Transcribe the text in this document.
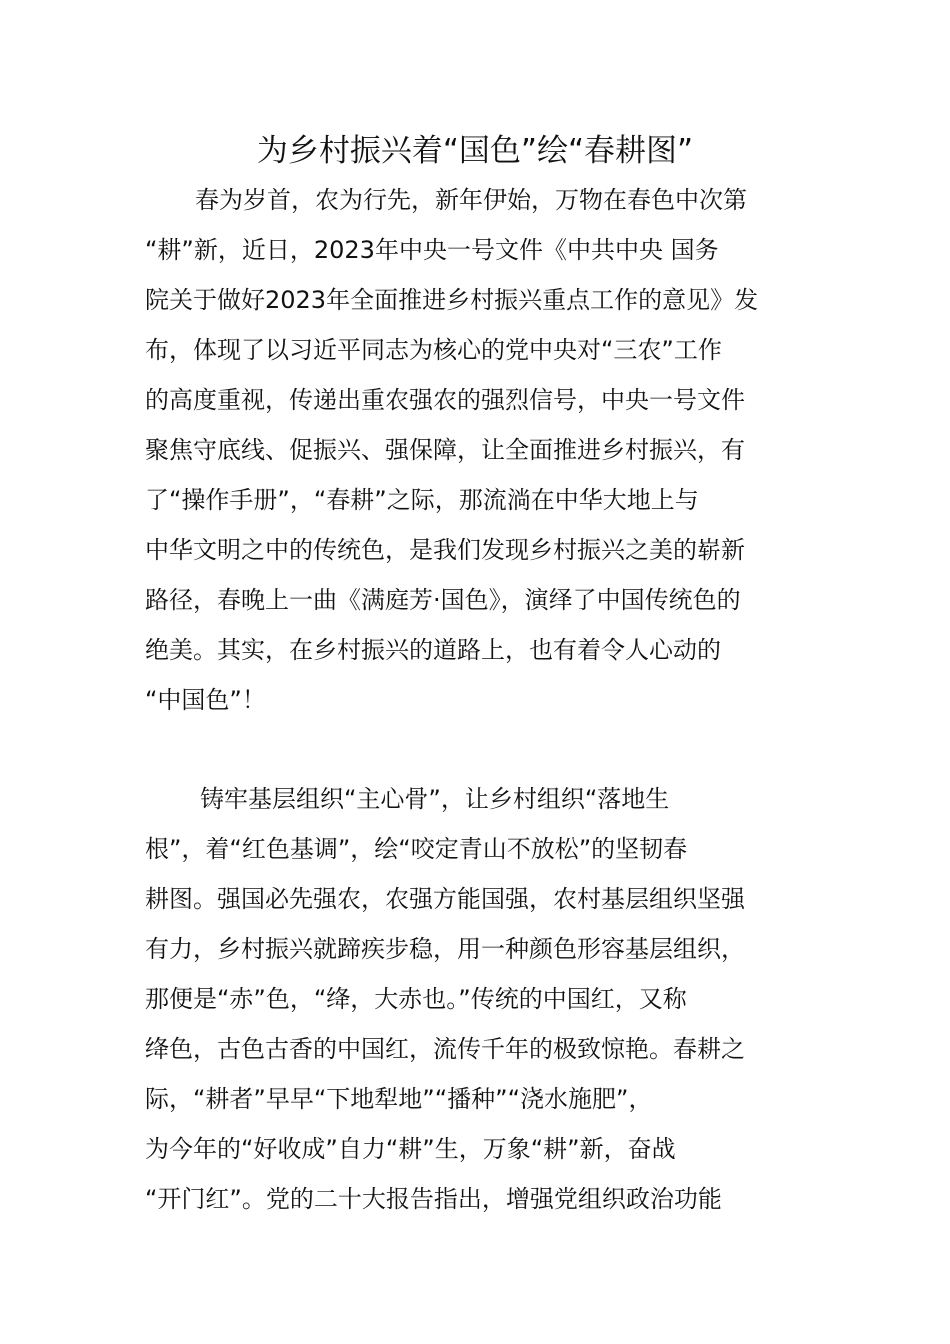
为乡村振兴着“国色”绘“春耕图”
春为岁首，农为行先，新年伊始，万物在春色中次第
“耕”新，近日，2023年中央一号文件《中共中央 国务
院关于做好2023年全面推进乡村振兴重点工作的意见》发
布，体现了以习近平同志为核心的党中央对“三农”工作
的高度重视，传递出重农强农的强烈信号，中央一号文件
聚焦守底线、促振兴、强保障，让全面推进乡村振兴，有
了“操作手册”，“春耕”之际，那流淌在中华大地上与
中华文明之中的传统色，是我们发现乡村振兴之美的崭新
路径，春晚上一曲《满庭芳·国色》，演绎了中国传统色的
绝美。其实，在乡村振兴的道路上，也有着令人心动的
“中国色”！
铸牢基层组织“主心骨”，让乡村组织“落地生
根”，着“红色基调”，绘“咬定青山不放松”的坚韧春
耕图。强国必先强农，农强方能国强，农村基层组织坚强
有力，乡村振兴就蹄疾步稳，用一种颜色形容基层组织，
那便是“赤”色，“绛，大赤也。”传统的中国红，又称
绛色，古色古香的中国红，流传千年的极致惊艳。春耕之
际，“耕者”早早“下地犁地”“播种”“浇水施肥”，
为今年的“好收成”自力“耕”生，万象“耕”新，奋战
“开门红”。党的二十大报告指出，增强党组织政治功能
